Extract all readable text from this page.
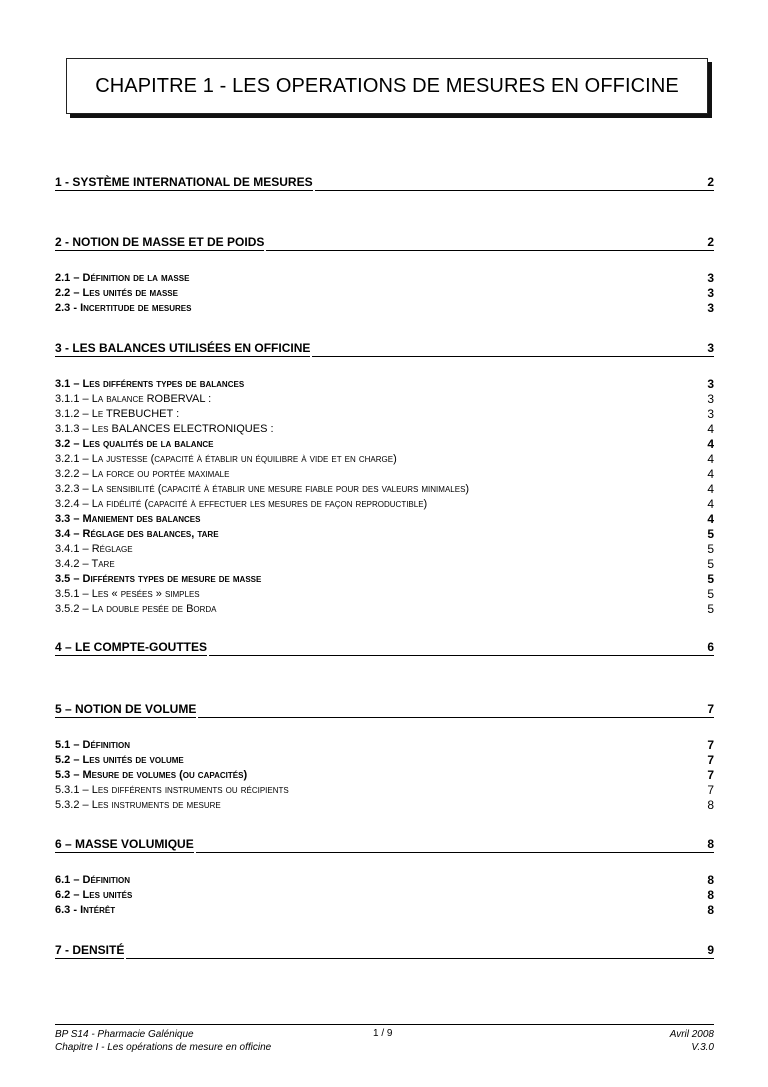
CHAPITRE 1 - LES OPERATIONS DE MESURES EN OFFICINE
1 - SYSTÈME INTERNATIONAL DE MESURES	2
2 - NOTION DE MASSE ET DE POIDS	2
2.1 – Définition de la masse	3
2.2 – Les unités de masse	3
2.3 - Incertitude de mesures	3
3 - LES BALANCES UTILISÉES EN OFFICINE	3
3.1 – Les différents types de balances	3
3.1.1 – La balance ROBERVAL :	3
3.1.2 – Le TREBUCHET :	3
3.1.3 – Les BALANCES ELECTRONIQUES :	4
3.2 – Les qualités de la balance	4
3.2.1 – La justesse (capacité à établir un équilibre à vide et en charge)	4
3.2.2 – La force ou portée maximale	4
3.2.3 – La sensibilité (capacité à établir une mesure fiable pour des valeurs minimales)	4
3.2.4 – La fidélité (capacité à effectuer les mesures de façon reproductible)	4
3.3 – Maniement des balances	4
3.4 – Réglage des balances, tare	5
3.4.1 – Réglage	5
3.4.2 – Tare	5
3.5 – Différents types de mesure de masse	5
3.5.1 – Les « pesées » simples	5
3.5.2 – La double pesée de Borda	5
4 – LE COMPTE-GOUTTES	6
5 – NOTION DE VOLUME	7
5.1 – Définition	7
5.2 – Les unités de volume	7
5.3 – Mesure de volumes (ou capacités)	7
5.3.1 – Les différents instruments ou récipients	7
5.3.2 – Les instruments de mesure	8
6 – MASSE VOLUMIQUE	8
6.1 – Définition	8
6.2 – Les unités	8
6.3 - Intérêt	8
7 - DENSITÉ	9
BP S14 - Pharmacie Galénique	Avril 2008
Chapitre I - Les opérations de mesure en officine	V.3.0
1 / 9
